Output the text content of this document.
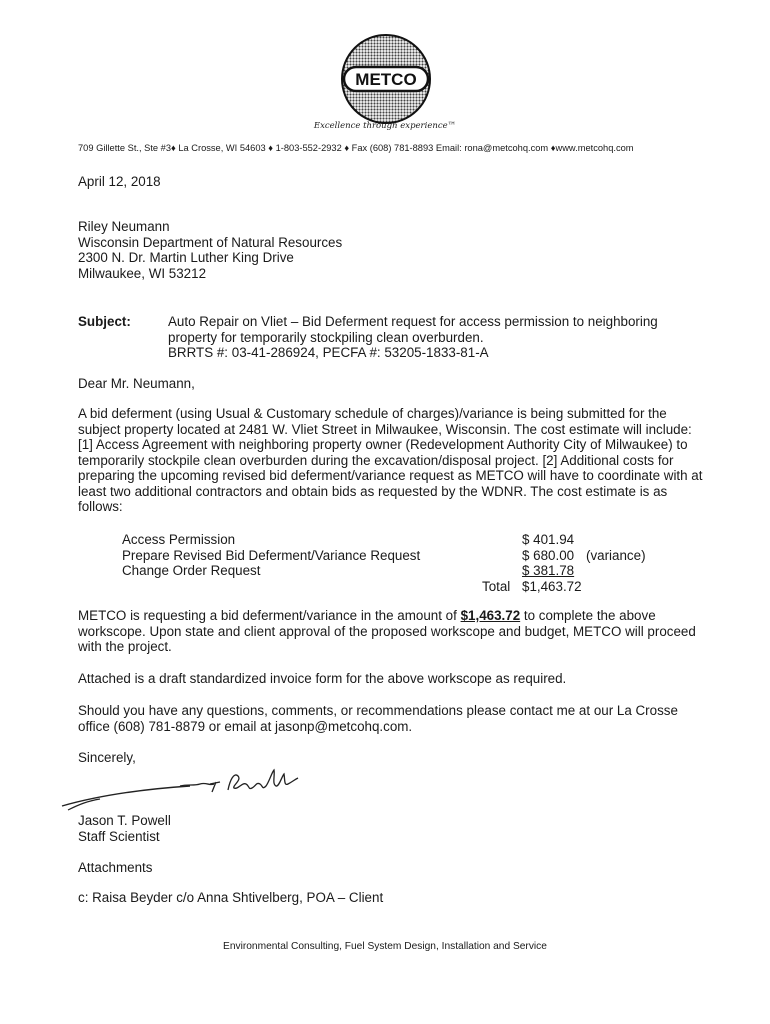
METCO
Excellence through experience™
709 Gillette St., Ste #3♦ La Crosse, WI 54603 ♦ 1-803-552-2932 ♦ Fax (608) 781-8893 Email: rona@metcohq.com ♦www.metcohq.com
April 12, 2018
Riley Neumann
Wisconsin Department of Natural Resources
2300 N. Dr. Martin Luther King Drive
Milwaukee, WI 53212
Subject:	Auto Repair on Vliet – Bid Deferment request for access permission to neighboring
property for temporarily stockpiling clean overburden.
BRRTS #: 03-41-286924, PECFA #: 53205-1833-81-A
Dear Mr. Neumann,
A bid deferment (using Usual & Customary schedule of charges)/variance is being submitted for the
subject property located at 2481 W. Vliet Street in Milwaukee, Wisconsin. The cost estimate will include:
[1] Access Agreement with neighboring property owner (Redevelopment Authority City of Milwaukee) to
temporarily stockpile clean overburden during the excavation/disposal project. [2] Additional costs for
preparing the upcoming revised bid deferment/variance request as METCO will have to coordinate with at
least two additional contractors and obtain bids as requested by the WDNR. The cost estimate is as
follows:
Access Permission	$ 401.94
Prepare Revised Bid Deferment/Variance Request	$ 680.00 (variance)
Change Order Request	$ 381.78
Total $1,463.72
METCO is requesting a bid deferment/variance in the amount of $1,463.72 to complete the above
workscope. Upon state and client approval of the proposed workscope and budget, METCO will proceed
with the project.
Attached is a draft standardized invoice form for the above workscope as required.
Should you have any questions, comments, or recommendations please contact me at our La Crosse
office (608) 781-8879 or email at jasonp@metcohq.com.
Sincerely,
Jason T. Powell
Staff Scientist
Attachments
c: Raisa Beyder c/o Anna Shtivelberg, POA – Client
Environmental Consulting, Fuel System Design, Installation and Service
